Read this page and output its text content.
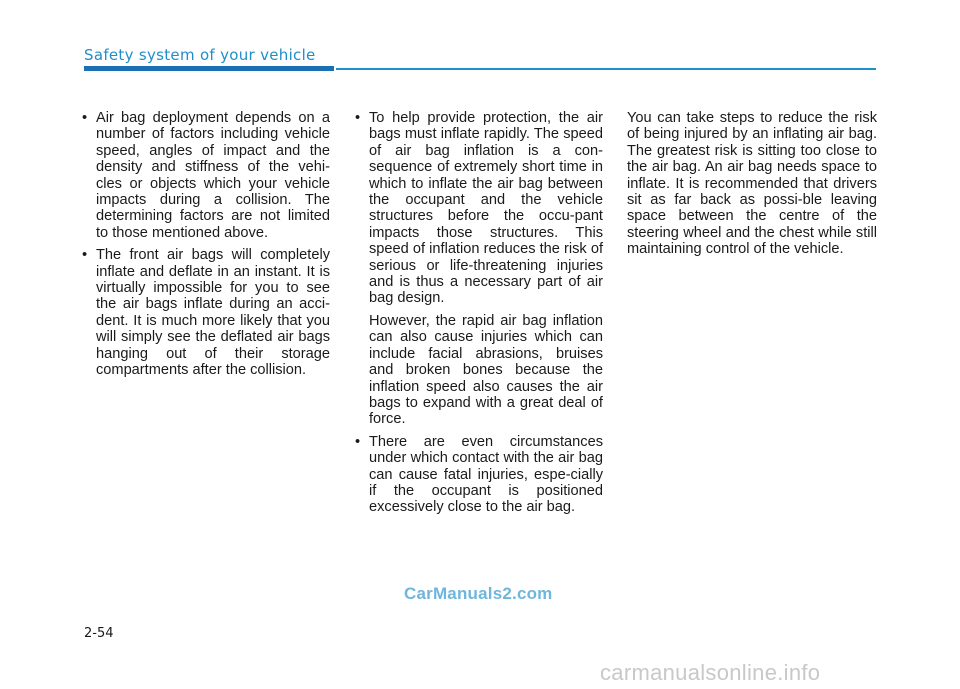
Safety system of your vehicle
• Air bag deployment depends on a number of factors including vehicle speed, angles of impact and the density and stiffness of the vehi-cles or objects which your vehicle impacts during a collision. The determining factors are not limited to those mentioned above.
• The front air bags will completely inflate and deflate in an instant. It is virtually impossible for you to see the air bags inflate during an acci-dent. It is much more likely that you will simply see the deflated air bags hanging out of their storage compartments after the collision.
• To help provide protection, the air bags must inflate rapidly. The speed of air bag inflation is a con-sequence of extremely short time in which to inflate the air bag between the occupant and the vehicle structures before the occu-pant impacts those structures. This speed of inflation reduces the risk of serious or life-threatening injuries and is thus a necessary part of air bag design.
However, the rapid air bag inflation can also cause injuries which can include facial abrasions, bruises and broken bones because the inflation speed also causes the air bags to expand with a great deal of force.
• There are even circumstances under which contact with the air bag can cause fatal injuries, espe-cially if the occupant is positioned excessively close to the air bag.
You can take steps to reduce the risk of being injured by an inflating air bag. The greatest risk is sitting too close to the air bag. An air bag needs space to inflate. It is recommended that drivers sit as far back as possi-ble leaving space between the centre of the steering wheel and the chest while still maintaining control of the vehicle.
CarManuals2.com
2-54
carmanualsonline.info
